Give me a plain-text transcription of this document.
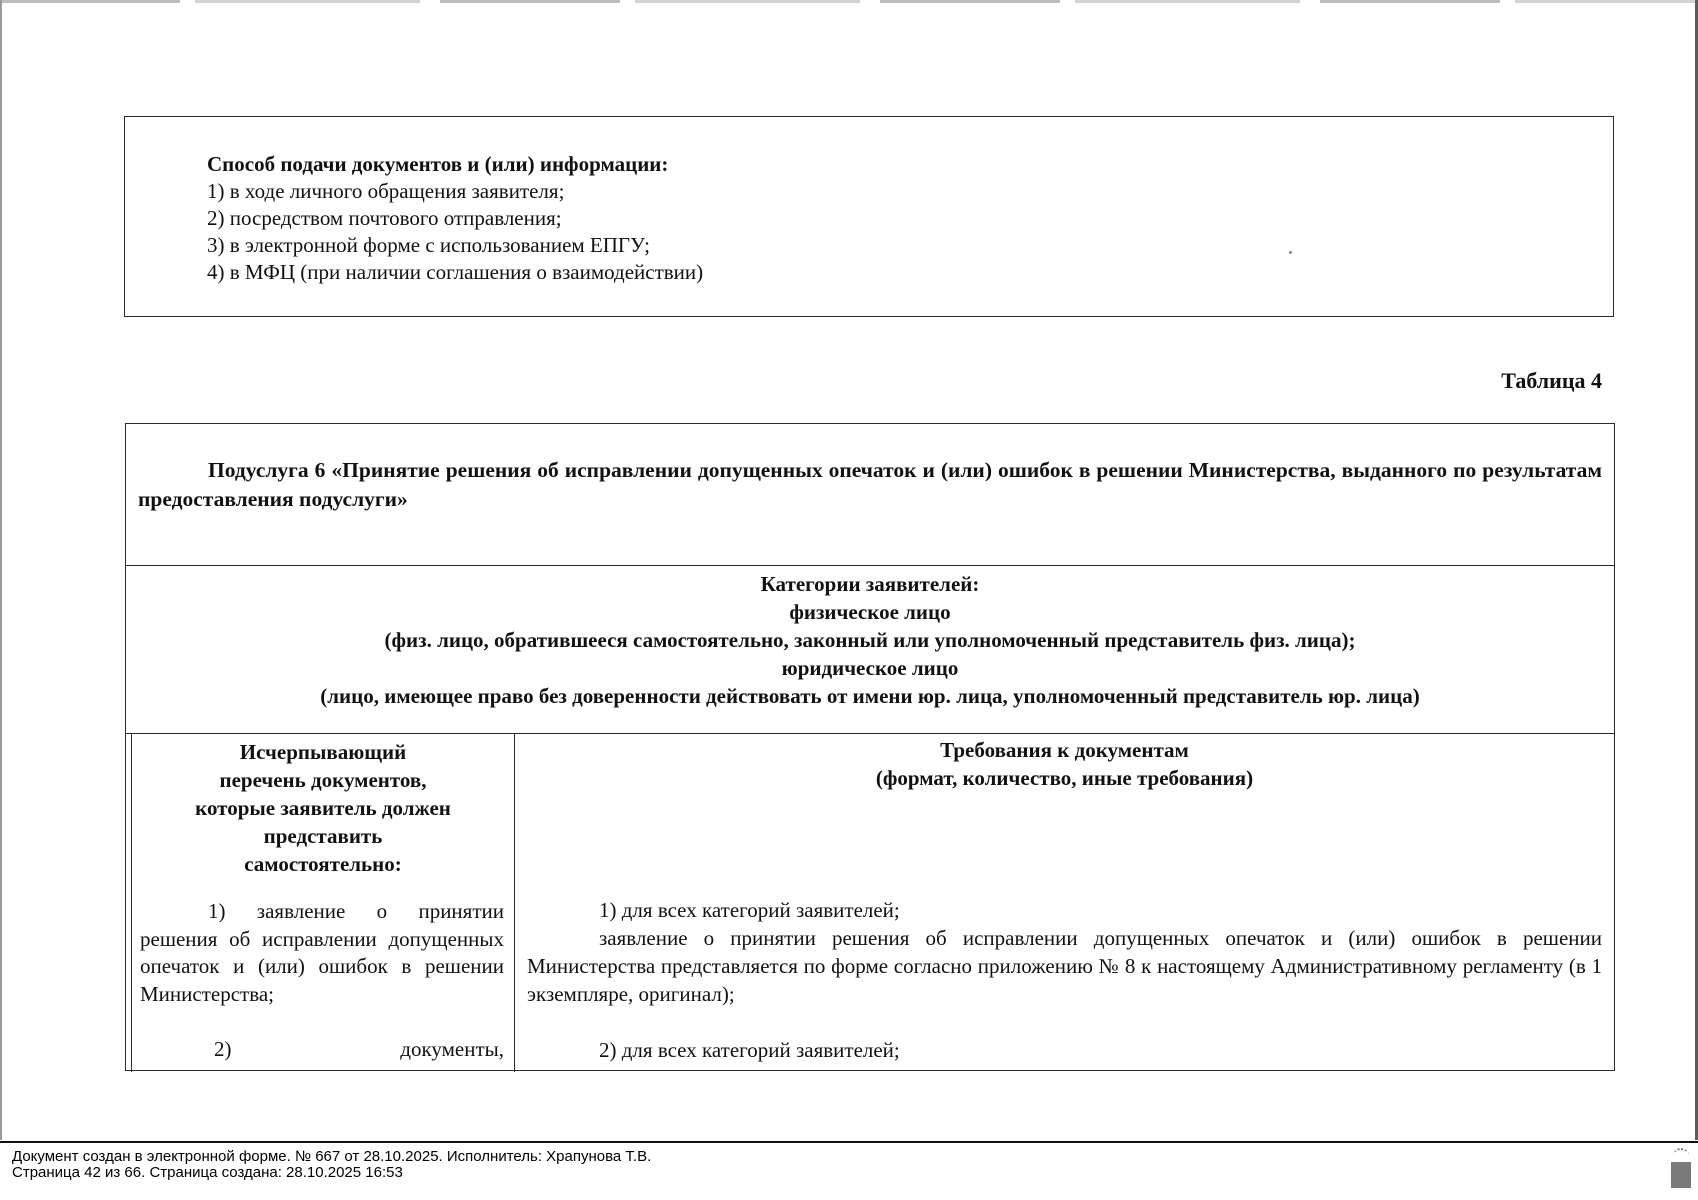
Способ подачи документов и (или) информации:
1) в ходе личного обращения заявителя;
2) посредством почтового отправления;
3) в электронной форме с использованием ЕПГУ;
4) в МФЦ (при наличии соглашения о взаимодействии)
Таблица 4
Подуслуга 6 «Принятие решения об исправлении допущенных опечаток и (или) ошибок в решении Министерства, выданного по результатам предоставления подуслуги»
Категории заявителей:
физическое лицо
(физ. лицо, обратившееся самостоятельно, законный или уполномоченный представитель физ. лица);
юридическое лицо
(лицо, имеющее право без доверенности действовать от имени юр. лица, уполномоченный представитель юр. лица)
Исчерпывающий
перечень документов,
которые заявитель должен
представить
самостоятельно:

1) заявление о принятии решения об исправлении допущенных опечаток и (или) ошибок в решении Министерства;

2)	документы,

Требования к документам
(формат, количество, иные требования)

1) для всех категорий заявителей;

заявление о принятии решения об исправлении допущенных опечаток и (или) ошибок в решении Министерства представляется по форме согласно приложению № 8 к настоящему Административному регламенту (в 1 экземпляре, оригинал);

2) для всех категорий заявителей;

Документ создан в электронной форме. № 667 от 28.10.2025. Исполнитель: Храпунова Т.В.
Страница 42 из 66. Страница создана: 28.10.2025 16:53
